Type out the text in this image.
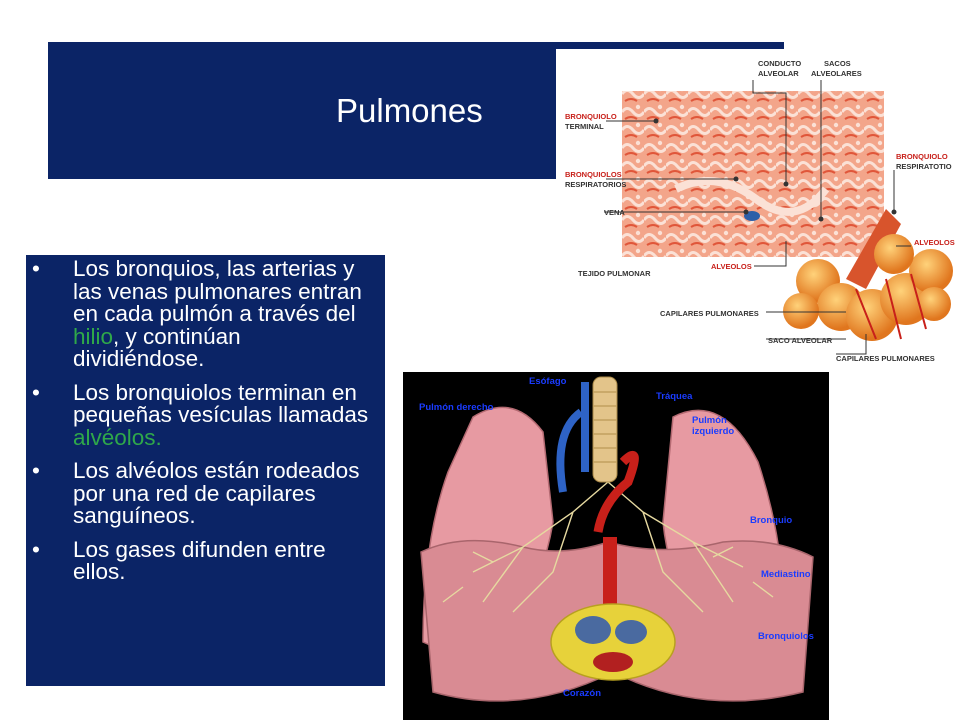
Pulmones
• Los bronquios, las arterias y las venas pulmonares entran en cada pulmón a través del hilio, y continúan dividiéndose.
• Los bronquiolos terminan en pequeñas vesículas llamadas alvéolos.
• Los alvéolos están rodeados por una red de capilares sanguíneos.
• Los gases difunden entre ellos.
CONDUCTO
ALVEOLAR
SACOS
ALVEOLARES
BRONQUIOLO
TERMINAL
BRONQUIOLOS
RESPIRATORIOS
VENA
TEJIDO PULMONAR
ALVEOLOS
CAPILARES PULMONARES
BRONQUIOLO
RESPIRATOTIO
ALVEOLOS
SACO ALVEOLAR
CAPILARES PULMONARES
Esófago
Tráquea
Pulmón derecho
Pulmón
izquierdo
Bronquio
Mediastino
Bronquiolos
Corazón
